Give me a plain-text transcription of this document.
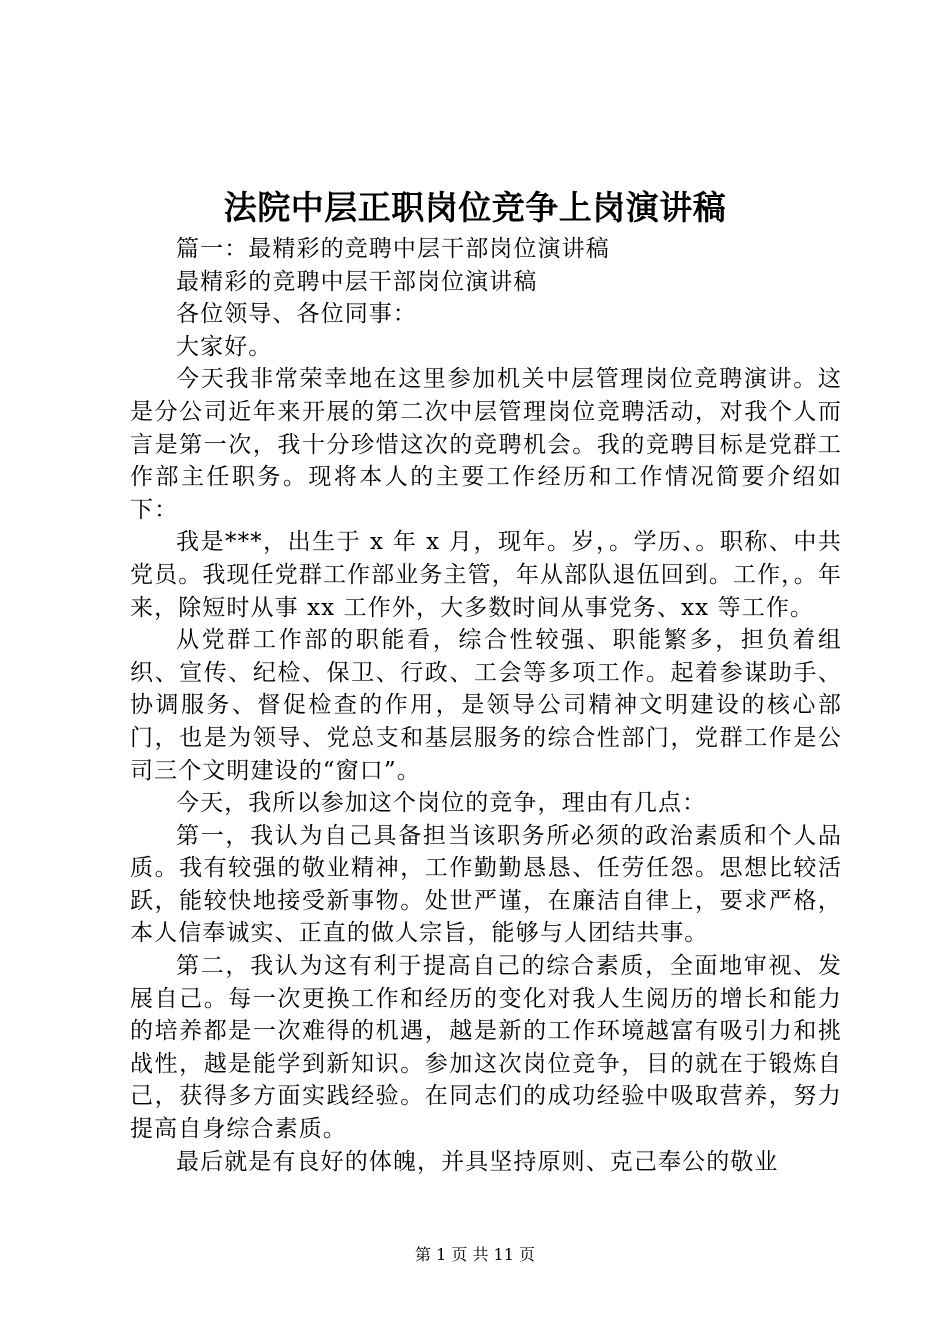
法院中层正职岗位竞争上岗演讲稿

篇一：最精彩的竞聘中层干部岗位演讲稿

最精彩的竞聘中层干部岗位演讲稿

各位领导、各位同事：

大家好。

今天我非常荣幸地在这里参加机关中层管理岗位竞聘演讲。这是分公司近年来开展的第二次中层管理岗位竞聘活动，对我个人而言是第一次，我十分珍惜这次的竞聘机会。我的竞聘目标是党群工作部主任职务。现将本人的主要工作经历和工作情况简要介绍如下：

我是***，出生于 x 年 x 月，现年。岁，。学历、。职称、中共党员。我现任党群工作部业务主管，年从部队退伍回到。工作，。年来，除短时从事 xx 工作外，大多数时间从事党务、xx 等工作。

从党群工作部的职能看，综合性较强、职能繁多，担负着组织、宣传、纪检、保卫、行政、工会等多项工作。起着参谋助手、协调服务、督促检查的作用，是领导公司精神文明建设的核心部门，也是为领导、党总支和基层服务的综合性部门，党群工作是公司三个文明建设的“窗口”。

今天，我所以参加这个岗位的竞争，理由有几点：

第一，我认为自己具备担当该职务所必须的政治素质和个人品质。我有较强的敬业精神，工作勤勤恳恳、任劳任怨。思想比较活跃，能较快地接受新事物。处世严谨，在廉洁自律上，要求严格，本人信奉诚实、正直的做人宗旨，能够与人团结共事。

第二，我认为这有利于提高自己的综合素质，全面地审视、发展自己。每一次更换工作和经历的变化对我人生阅历的增长和能力的培养都是一次难得的机遇，越是新的工作环境越富有吸引力和挑战性，越是能学到新知识。参加这次岗位竞争，目的就在于锻炼自己，获得多方面实践经验。在同志们的成功经验中吸取营养，努力提高自身综合素质。

最后就是有良好的体魄，并具坚持原则、克己奉公的敬业

第 1 页 共 11 页
